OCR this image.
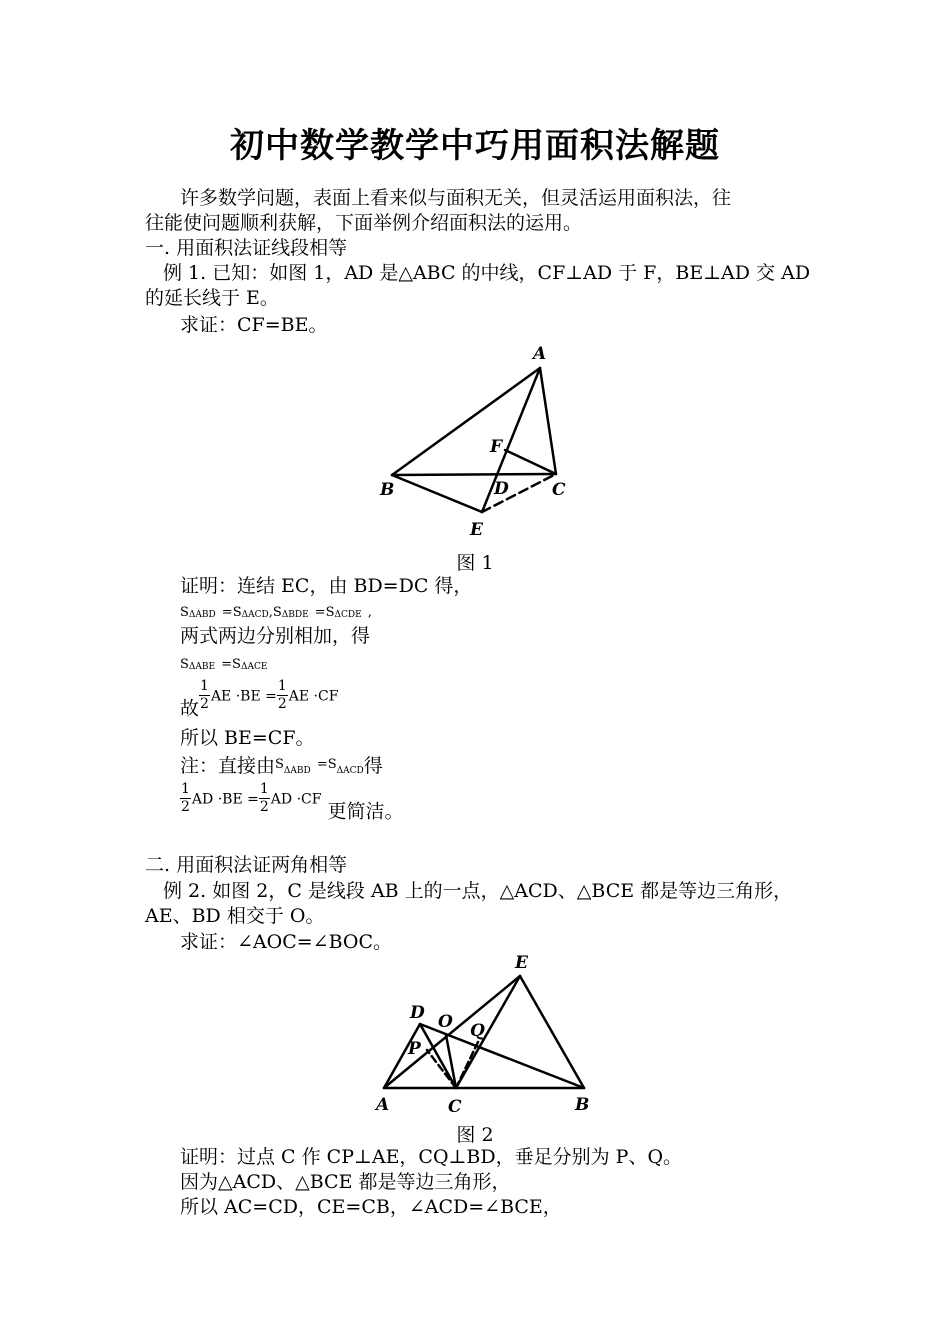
初中数学教学中巧用面积法解题
许多数学问题，表面上看来似与面积无关，但灵活运用面积法，往
往能使问题顺利获解，下面举例介绍面积法的运用。
一. 用面积法证线段相等
例 1. 已知：如图 1，AD 是△ABC 的中线，CF⊥AD 于 F，BE⊥AD 交 AD
的延长线于 E。
求证：CF=BE。
A
B	C
D
E
F
图 1
证明：连结 EC，由 BD=DC 得，
SΔABD =SΔACD,SΔBDE =SΔCDE ,
两式两边分别相加，得
SΔABE =SΔACE
故 $\frac{1}{2}$ AE $\cdot BE = \frac{1}{2}$ AE ·CF
所以 BE=CF。
注：直接由$^S$ΔABD $^{=S}$ΔACD得
$\frac{1}{2}$ AD $\cdot BE = \frac{1}{2}$ AD ·CF 更简洁。
二. 用面积法证两角相等
例 2. 如图 2，C 是线段 AB 上的一点，△ACD、△BCE 都是等边三角形，
AE、BD 相交于 O。
求证：∠AOC=∠BOC。
A	B
C
D
E
O
P
Q
图 2
证明：过点 C 作 CP⊥AE，CQ⊥BD，垂足分别为 P、Q。
因为△ACD、△BCE 都是等边三角形，
所以 AC=CD，CE=CB，∠ACD=∠BCE，
